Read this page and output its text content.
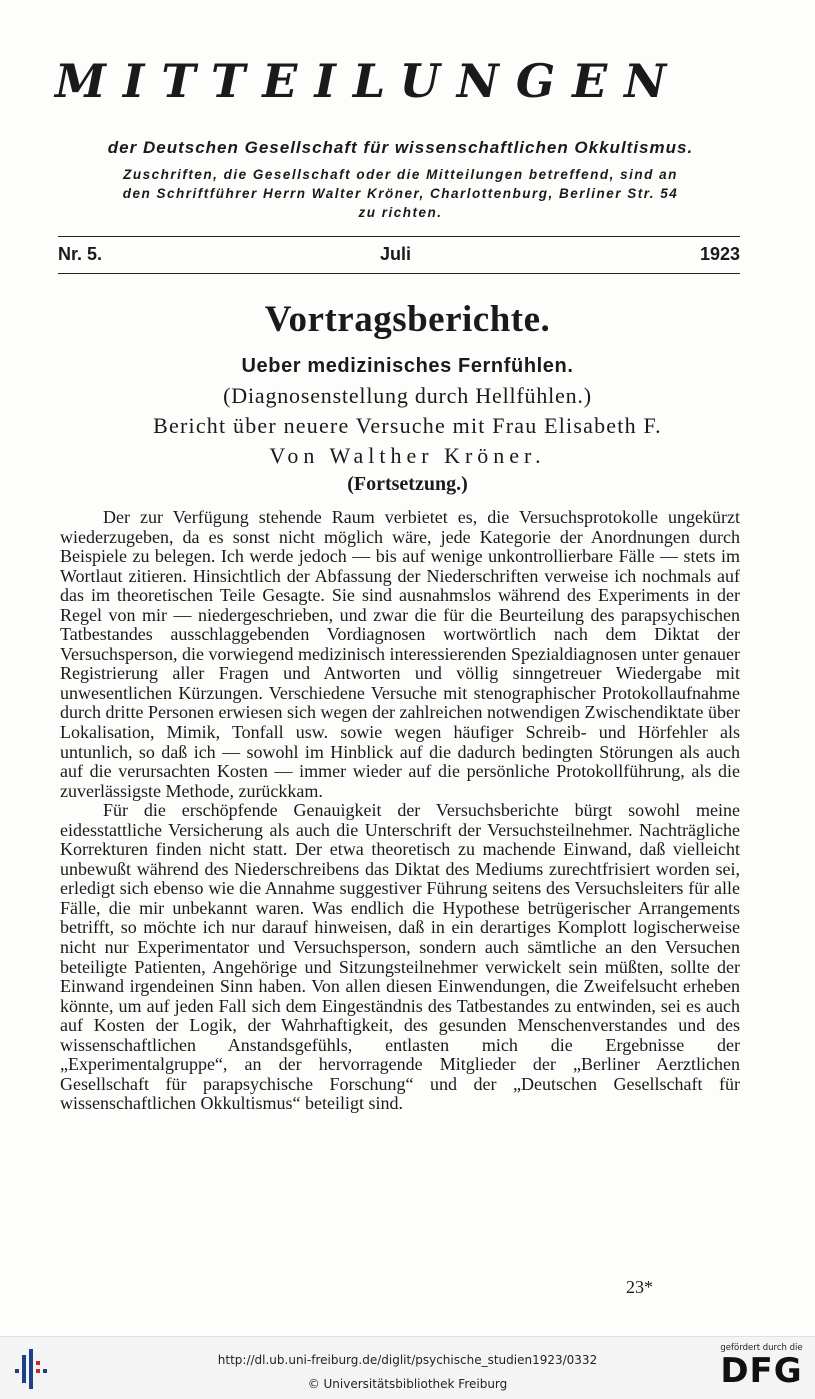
MITTEILUNGEN
der Deutschen Gesellschaft für wissenschaftlichen Okkultismus.
Zuschriften, die Gesellschaft oder die Mitteilungen betreffend, sind an
den Schriftführer Herrn Walter Kröner, Charlottenburg, Berliner Str. 54
zu richten.
Nr. 5.	Juli	1923
Vortragsberichte.
Ueber medizinisches Fernfühlen.
(Diagnosenstellung durch Hellfühlen.)
Bericht über neuere Versuche mit Frau Elisabeth F.
Von Walther Kröner.
(Fortsetzung.)

Der zur Verfügung stehende Raum verbietet es, die Versuchsprotokolle ungekürzt wiederzugeben, da es sonst nicht möglich wäre, jede Kategorie der Anordnungen durch Beispiele zu belegen. Ich werde jedoch — bis auf wenige unkontrollierbare Fälle — stets im Wortlaut zitieren. Hinsichtlich der Abfassung der Niederschriften verweise ich nochmals auf das im theoretischen Teile Gesagte. Sie sind ausnahmslos während des Experiments in der Regel von mir — niedergeschrieben, und zwar die für die Beurteilung des parapsychischen Tatbestandes ausschlaggebenden Vordiagnosen wortwörtlich nach dem Diktat der Versuchsperson, die vorwiegend medizinisch interessierenden Spezialdiagnosen unter genauer Registrierung aller Fragen und Antworten und völlig sinngetreuer Wiedergabe mit unwesentlichen Kürzungen. Verschiedene Versuche mit stenographischer Protokollaufnahme durch dritte Personen erwiesen sich wegen der zahlreichen notwendigen Zwischendiktate über Lokalisation, Mimik, Tonfall usw. sowie wegen häufiger Schreib- und Hörfehler als untunlich, so daß ich — sowohl im Hinblick auf die dadurch bedingten Störungen als auch auf die verursachten Kosten — immer wieder auf die persönliche Protokollführung, als die zuverlässigste Methode, zurückkam.

Für die erschöpfende Genauigkeit der Versuchsberichte bürgt sowohl meine eidesstattliche Versicherung als auch die Unterschrift der Versuchsteilnehmer. Nachträgliche Korrekturen finden nicht statt. Der etwa theoretisch zu machende Einwand, daß vielleicht unbewußt während des Niederschreibens das Diktat des Mediums zurechtfrisiert worden sei, erledigt sich ebenso wie die Annahme suggestiver Führung seitens des Versuchsleiters für alle Fälle, die mir unbekannt waren. Was endlich die Hypothese betrügerischer Arrangements betrifft, so möchte ich nur darauf hinweisen, daß in ein derartiges Komplott logischerweise nicht nur Experimentator und Versuchsperson, sondern auch sämtliche an den Versuchen beteiligte Patienten, Angehörige und Sitzungsteilnehmer verwickelt sein müßten, sollte der Einwand irgendeinen Sinn haben. Von allen diesen Einwendungen, die Zweifelsucht erheben könnte, um auf jeden Fall sich dem Eingeständnis des Tatbestandes zu entwinden, sei es auch auf Kosten der Logik, der Wahrhaftigkeit, des gesunden Menschenverstandes und des wissenschaftlichen Anstandsgefühls, entlasten mich die Ergebnisse der „Experimentalgruppe“, an der hervorragende Mitglieder der „Berliner Aerztlichen Gesellschaft für parapsychische Forschung“ und der „Deutschen Gesellschaft für wissenschaftlichen Okkultismus“ beteiligt sind.

23*
http://dl.ub.uni-freiburg.de/diglit/psychische_studien1923/0332
© Universitätsbibliothek Freiburg
gefördert durch die
DFG
